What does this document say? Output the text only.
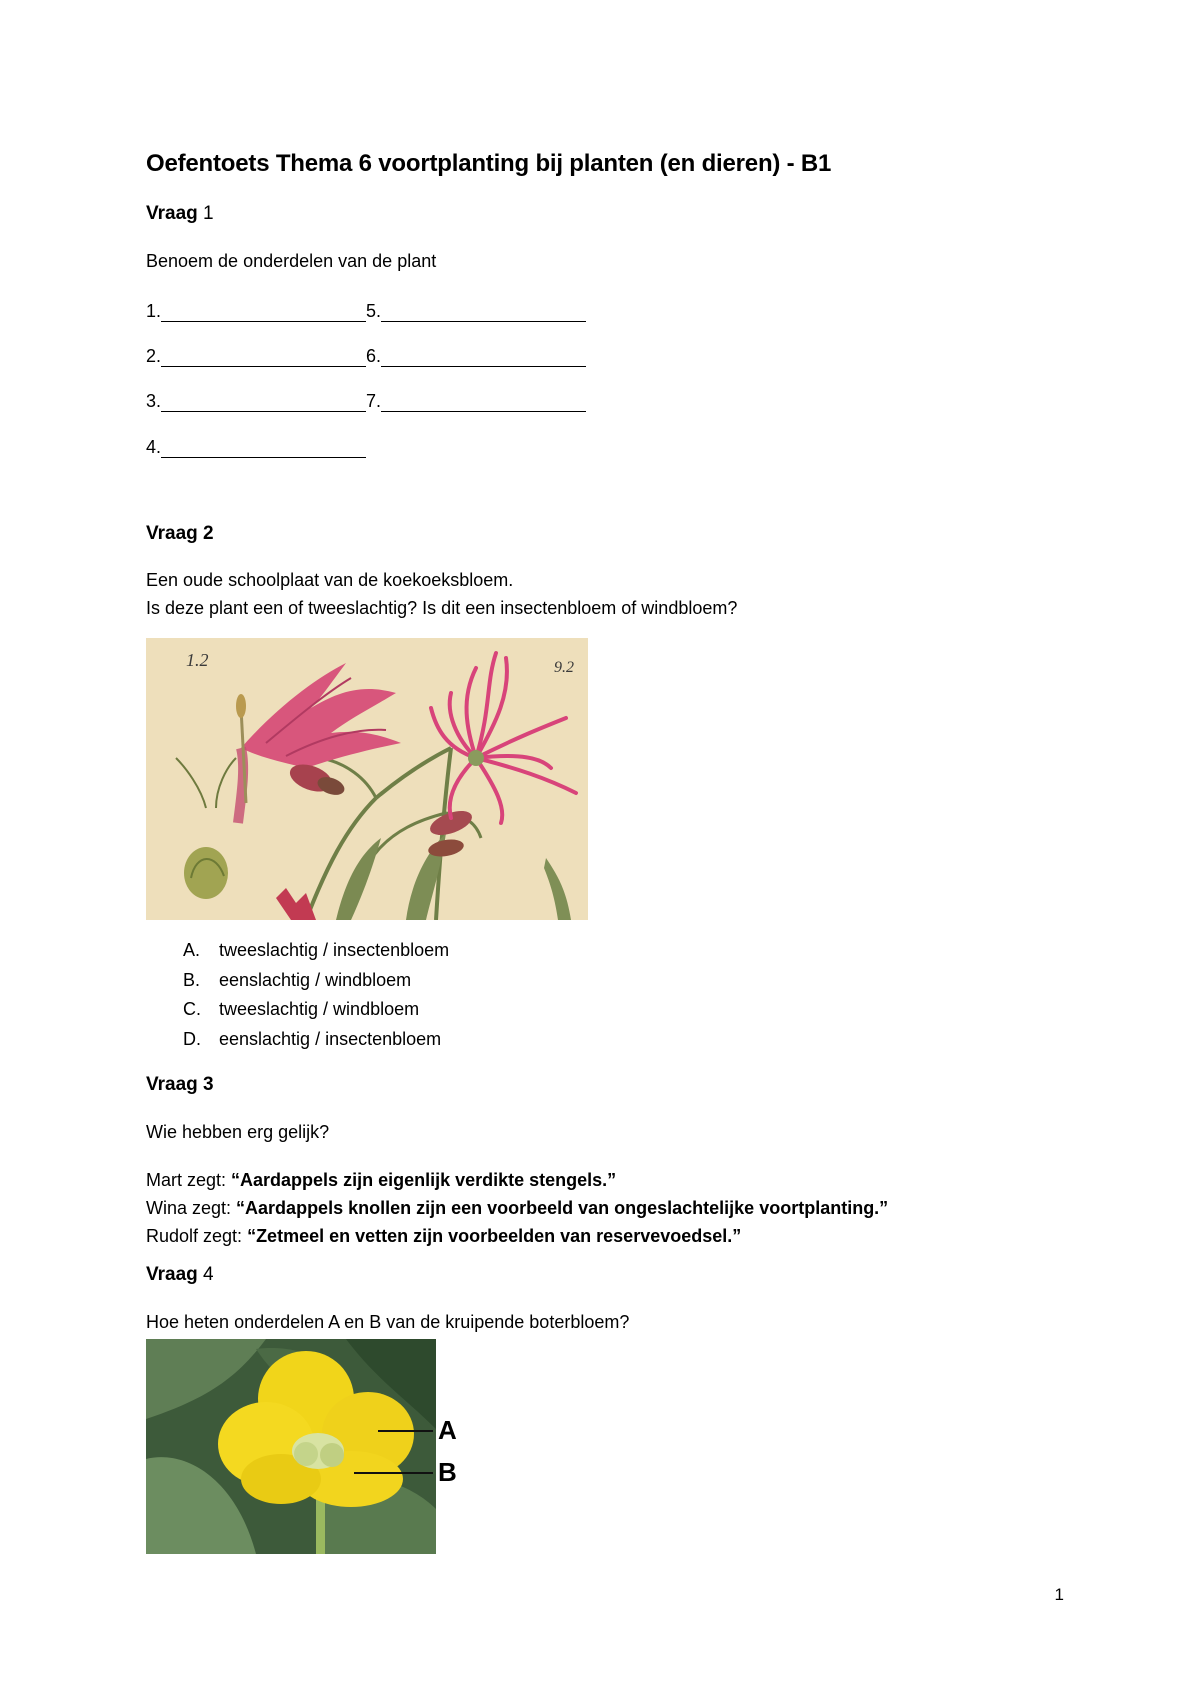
Oefentoets Thema 6 voortplanting bij planten (en dieren) - B1
Vraag 1
Benoem de onderdelen van de plant
1.	5.
2.	6.
3.	7.
4.
Vraag 2
Een oude schoolplaat van de koekoeksbloem.
Is deze plant een of tweeslachtig? Is dit een insectenbloem of windbloem?
1.2	9.2
A.	tweeslachtig / insectenbloem
B.	eenslachtig / windbloem
C.	tweeslachtig / windbloem
D.	eenslachtig / insectenbloem
Vraag 3
Wie hebben erg gelijk?
Mart zegt: “Aardappels zijn eigenlijk verdikte stengels.”
Wina zegt: “Aardappels knollen zijn een voorbeeld van ongeslachtelijke voortplanting.”
Rudolf zegt: “Zetmeel en vetten zijn voorbeelden van reservevoedsel.”
Vraag 4
Hoe heten onderdelen A en B van de kruipende boterbloem?
A
B
1
